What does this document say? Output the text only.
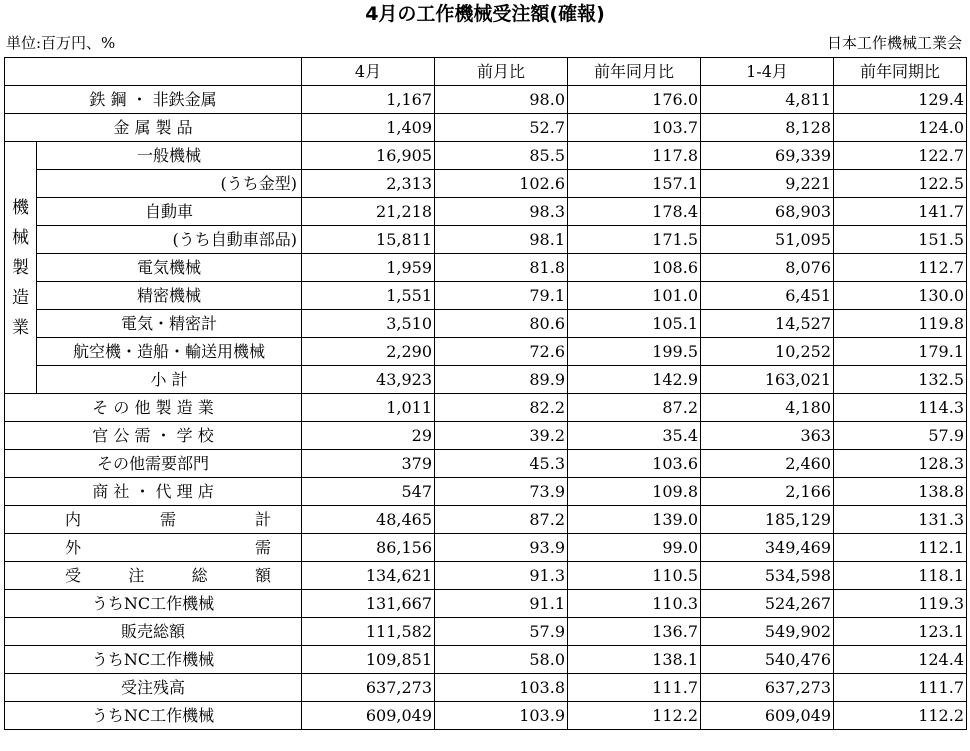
4月の工作機械受注額(確報)
単位:百万円、%	日本工作機械工業会
		4月	前月比	前年同月比	1-4月	前年同期比
鉄 鋼 ・ 非鉄金属		1,167	98.0	176.0	4,811	129.4
金 属 製 品		1,409	52.7	103.7	8,128	124.0

機
械
製
造
業	一般機械	16,905	85.5	117.8	69,339	122.7
	(うち金型)	2,313	102.6	157.1	9,221	122.5
	自動車	21,218	98.3	178.4	68,903	141.7
	(うち自動車部品)	15,811	98.1	171.5	51,095	151.5
	電気機械	1,959	81.8	108.6	8,076	112.7
	精密機械	1,551	79.1	101.0	6,451	130.0
	電気・精密計	3,510	80.6	105.1	14,527	119.8
	航空機・造船・輸送用機械	2,290	72.6	199.5	10,252	179.1
	小 計	43,923	89.9	142.9	163,021	132.5
そ の 他 製 造 業		1,011	82.2	87.2	4,180	114.3
官 公 需 ・ 学 校		29	39.2	35.4	363	57.9
その他需要部門		379	45.3	103.6	2,460	128.3
商 社 ・ 代 理 店		547	73.9	109.8	2,166	138.8
内 需 計		48,465	87.2	139.0	185,129	131.3
外 需		86,156	93.9	99.0	349,469	112.1
受 注 総 額		134,621	91.3	110.5	534,598	118.1
うちNC工作機械		131,667	91.1	110.3	524,267	119.3
販売総額		111,582	57.9	136.7	549,902	123.1
うちNC工作機械		109,851	58.0	138.1	540,476	124.4
受注残高		637,273	103.8	111.7	637,273	111.7
うちNC工作機械		609,049	103.9	112.2	609,049	112.2
